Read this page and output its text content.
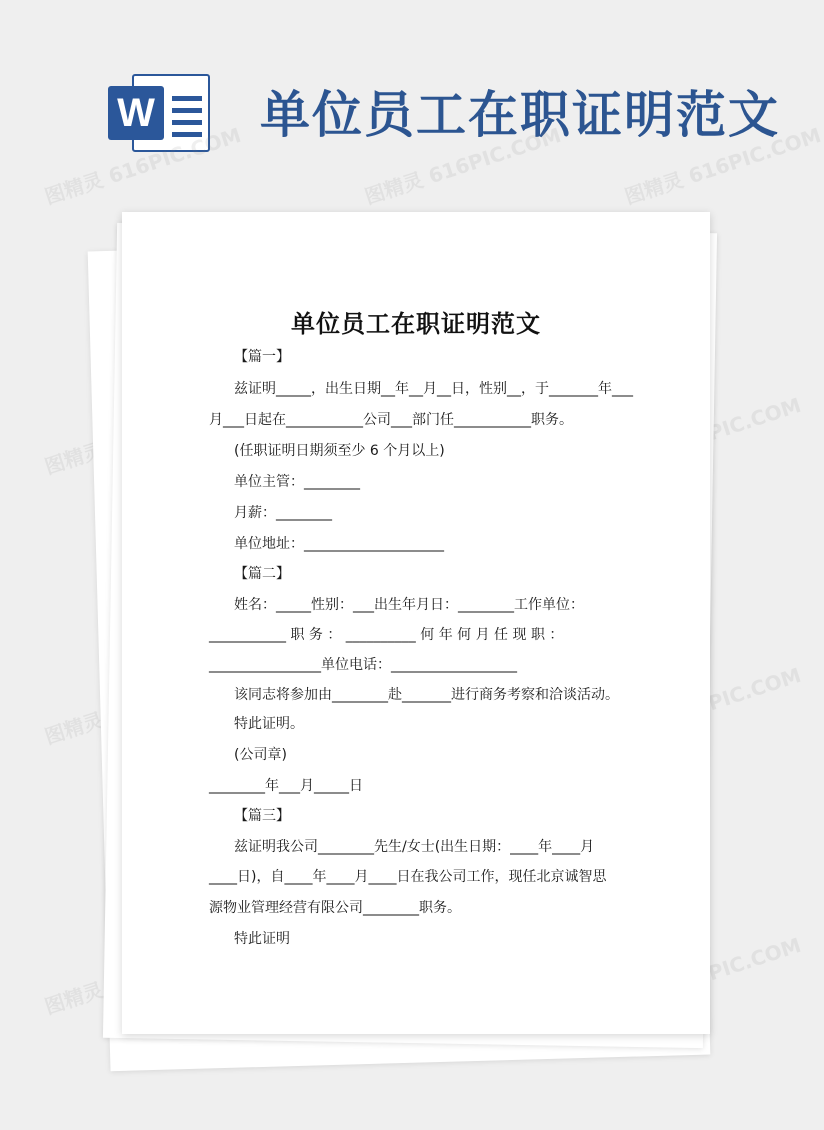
W 单位员工在职证明范文
图精灵 616PIC.COM	图精灵 616PIC.COM	图精灵 616PIC.COM
图精灵
616PIC.COM
图精灵
616PIC.COM
图精灵
616PIC.COM
单位员工在职证明范文
【篇一】
兹证明_____，出生日期__年__月__日，性别__，于_______年___
月___日起在___________公司___部门任___________职务。
(任职证明日期须至少 6 个月以上)
单位主管：________
月薪：________
单位地址：____________________
【篇二】
姓名：_____性别：___出生年月日：________工作单位：
___________ 职 务 ： __________ 何 年 何 月 任 现 职 ：
________________单位电话：__________________
该同志将参加由________赴_______进行商务考察和洽谈活动。
特此证明。
(公司章)
________年___月_____日
【篇三】
兹证明我公司________先生/女士(出生日期：____年____月
____日)，自____年____月____日在我公司工作，现任北京诚智思
源物业管理经营有限公司________职务。
特此证明
